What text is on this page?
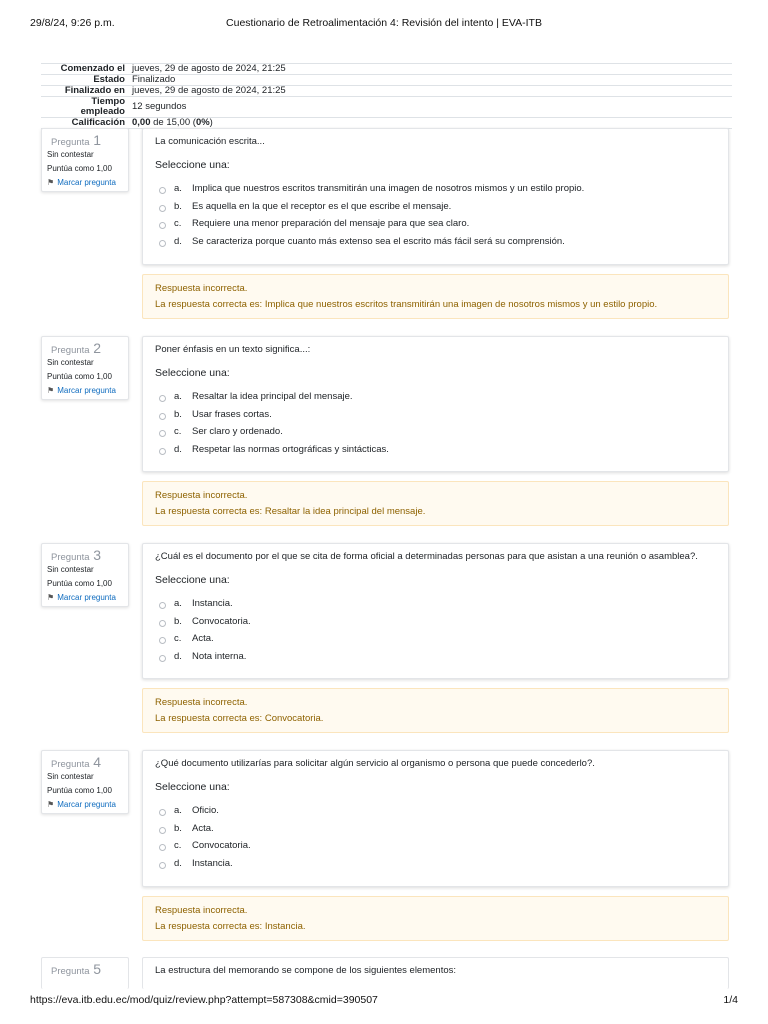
29/8/24, 9:26 p.m.	Cuestionario de Retroalimentación 4: Revisión del intento | EVA-ITB
Comenzado el	jueves, 29 de agosto de 2024, 21:25
Estado	Finalizado
Finalizado en	jueves, 29 de agosto de 2024, 21:25
Tiempo empleado	12 segundos
Calificación	0,00 de 15,00 (0%)
Pregunta 1
Sin contestar
Puntúa como 1,00
⚑ Marcar pregunta
La comunicación escrita...
Seleccione una:
a. Implica que nuestros escritos transmitirán una imagen de nosotros mismos y un estilo propio.
b. Es aquella en la que el receptor es el que escribe el mensaje.
c. Requiere una menor preparación del mensaje para que sea claro.
d. Se caracteriza porque cuanto más extenso sea el escrito más fácil será su comprensión.
Respuesta incorrecta.
La respuesta correcta es: Implica que nuestros escritos transmitirán una imagen de nosotros mismos y un estilo propio.
Pregunta 2
Sin contestar
Puntúa como 1,00
⚑ Marcar pregunta
Poner énfasis en un texto significa...:
Seleccione una:
a. Resaltar la idea principal del mensaje.
b. Usar frases cortas.
c. Ser claro y ordenado.
d. Respetar las normas ortográficas y sintácticas.
Respuesta incorrecta.
La respuesta correcta es: Resaltar la idea principal del mensaje.
Pregunta 3
Sin contestar
Puntúa como 1,00
⚑ Marcar pregunta
¿Cuál es el documento por el que se cita de forma oficial a determinadas personas para que asistan a una reunión o asamblea?.
Seleccione una:
a. Instancia.
b. Convocatoria.
c. Acta.
d. Nota interna.
Respuesta incorrecta.
La respuesta correcta es: Convocatoria.
Pregunta 4
Sin contestar
Puntúa como 1,00
⚑ Marcar pregunta
¿Qué documento utilizarías para solicitar algún servicio al organismo o persona que puede concederlo?.
Seleccione una:
a. Oficio.
b. Acta.
c. Convocatoria.
d. Instancia.
Respuesta incorrecta.
La respuesta correcta es: Instancia.
Pregunta 5	La estructura del memorando se compone de los siguientes elementos:
https://eva.itb.edu.ec/mod/quiz/review.php?attempt=587308&cmid=390507	1/4
